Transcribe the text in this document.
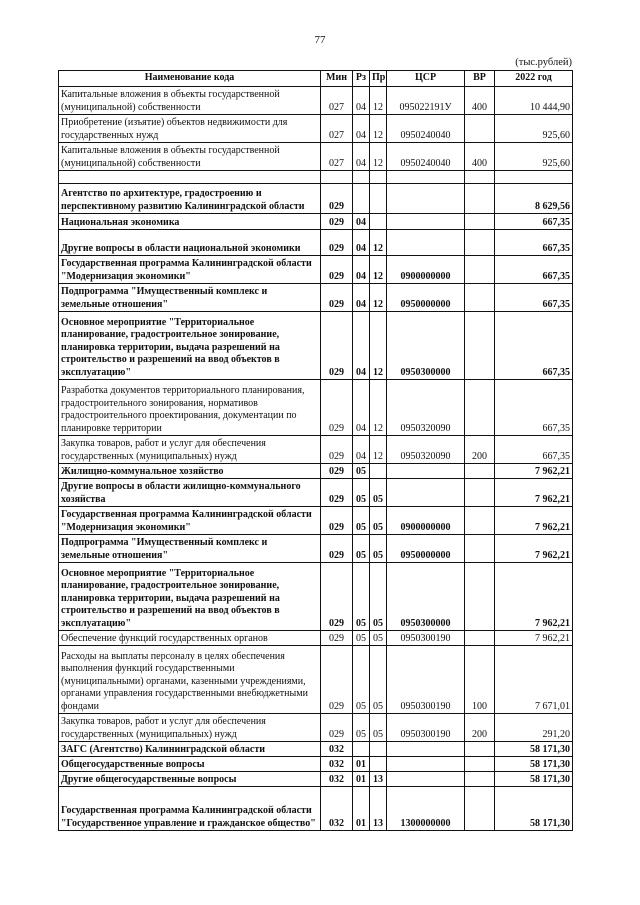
77
(тыс.рублей)
Наименование кода	Мин	Рз	Пр	ЦСР	ВР	2022 год
Капитальные вложения в объекты государственной (муниципальной) собственности	027	04	12	095022191У	400	10 444,90
Приобретение (изъятие) объектов недвижимости для государственных нужд	027	04	12	0950240040		925,60
Капитальные вложения в объекты государственной (муниципальной) собственности	027	04	12	0950240040	400	925,60

Агентство по архитектуре, градостроению и перспективному развитию Калининградской области	029					8 629,56
Национальная экономика	029	04				667,35
Другие вопросы в области национальной экономики	029	04	12			667,35
Государственная программа Калининградской области "Модернизация экономики"	029	04	12	0900000000		667,35
Подпрограмма "Имущественный комплекс и земельные отношения"	029	04	12	0950000000		667,35
Основное мероприятие "Территориальное планирование, градостроительное зонирование, планировка территории, выдача разрешений на строительство и разрешений на ввод объектов в эксплуатацию"	029	04	12	0950300000		667,35
Разработка документов территориального планирования, градостроительного зонирования, нормативов градостроительного проектирования, документации по планировке территории	029	04	12	0950320090		667,35
Закупка товаров, работ и услуг для обеспечения государственных (муниципальных) нужд	029	04	12	0950320090	200	667,35
Жилищно-коммунальное хозяйство	029	05				7 962,21
Другие вопросы в области жилищно-коммунального хозяйства	029	05	05			7 962,21
Государственная программа Калининградской области "Модернизация экономики"	029	05	05	0900000000		7 962,21
Подпрограмма "Имущественный комплекс и земельные отношения"	029	05	05	0950000000		7 962,21
Основное мероприятие "Территориальное планирование, градостроительное зонирование, планировка территории, выдача разрешений на строительство и разрешений на ввод объектов в эксплуатацию"	029	05	05	0950300000		7 962,21
Обеспечение функций государственных органов	029	05	05	0950300190		7 962,21
Расходы на выплаты персоналу в целях обеспечения выполнения функций государственными (муниципальными) органами, казенными учреждениями, органами управления государственными внебюджетными фондами	029	05	05	0950300190	100	7 671,01
Закупка товаров, работ и услуг для обеспечения государственных (муниципальных) нужд	029	05	05	0950300190	200	291,20
ЗАГС (Агентство) Калининградской области	032					58 171,30
Общегосударственные вопросы	032	01				58 171,30
Другие общегосударственные вопросы	032	01	13			58 171,30
Государственная программа Калининградской области "Государственное управление и гражданское общество"	032	01	13	1300000000		58 171,30
